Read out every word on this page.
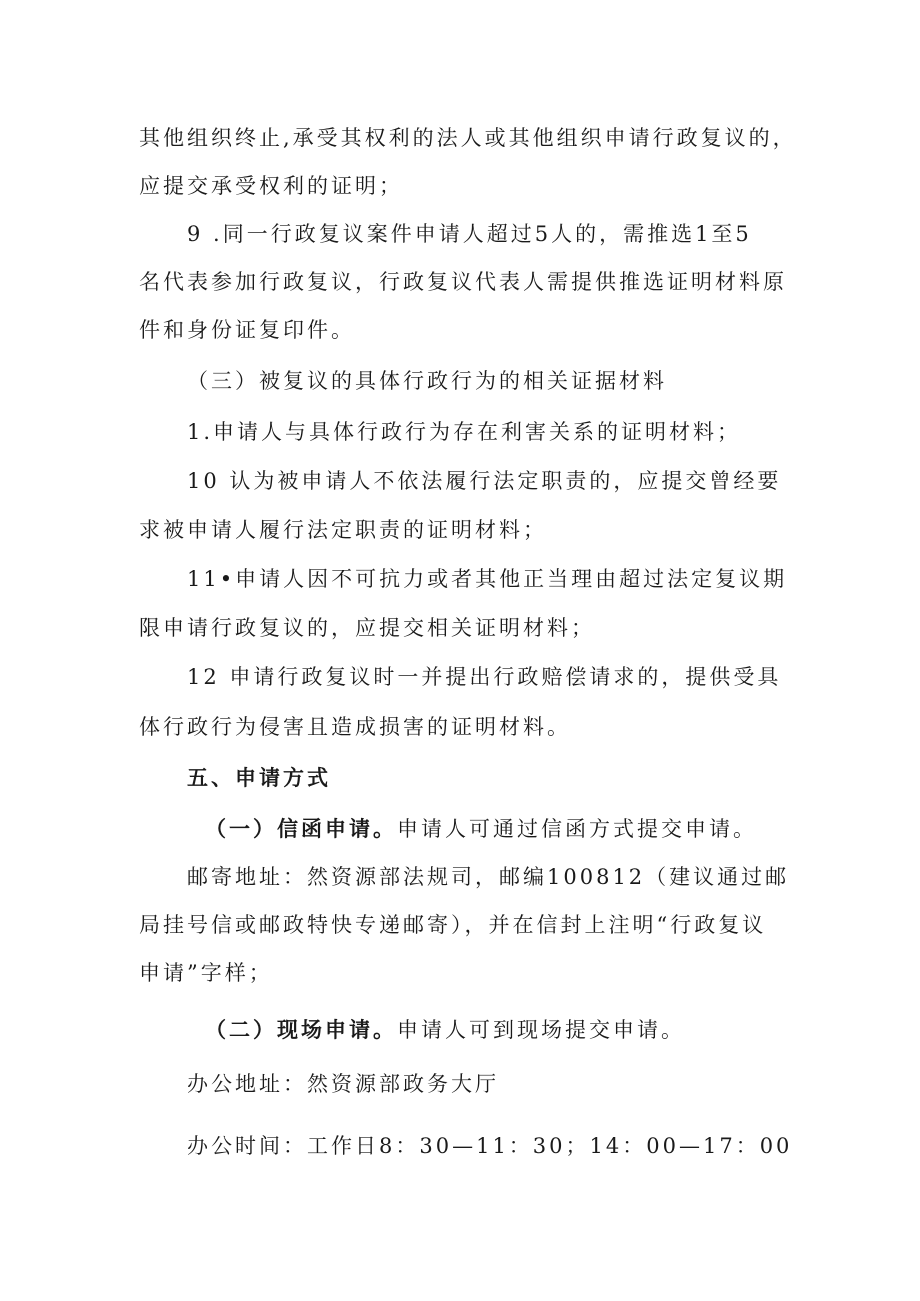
其他组织终止,承受其权利的法人或其他组织申请行政复议的，
应提交承受权利的证明；
9 .同一行政复议案件申请人超过5人的，需推选1至5
名代表参加行政复议，行政复议代表人需提供推选证明材料原
件和身份证复印件。
（三）被复议的具体行政行为的相关证据材料
1.申请人与具体行政行为存在利害关系的证明材料；
10 认为被申请人不依法履行法定职责的，应提交曾经要
求被申请人履行法定职责的证明材料；
11•申请人因不可抗力或者其他正当理由超过法定复议期
限申请行政复议的，应提交相关证明材料；
12 申请行政复议时一并提出行政赔偿请求的，提供受具
体行政行为侵害且造成损害的证明材料。
五、申请方式
（一）信函申请。申请人可通过信函方式提交申请。
邮寄地址：然资源部法规司，邮编100812（建议通过邮
局挂号信或邮政特快专递邮寄），并在信封上注明“行政复议
申请”字样；
（二）现场申请。申请人可到现场提交申请。
办公地址：然资源部政务大厅
办公时间：工作日8：30—11：30；14：00—17：00
